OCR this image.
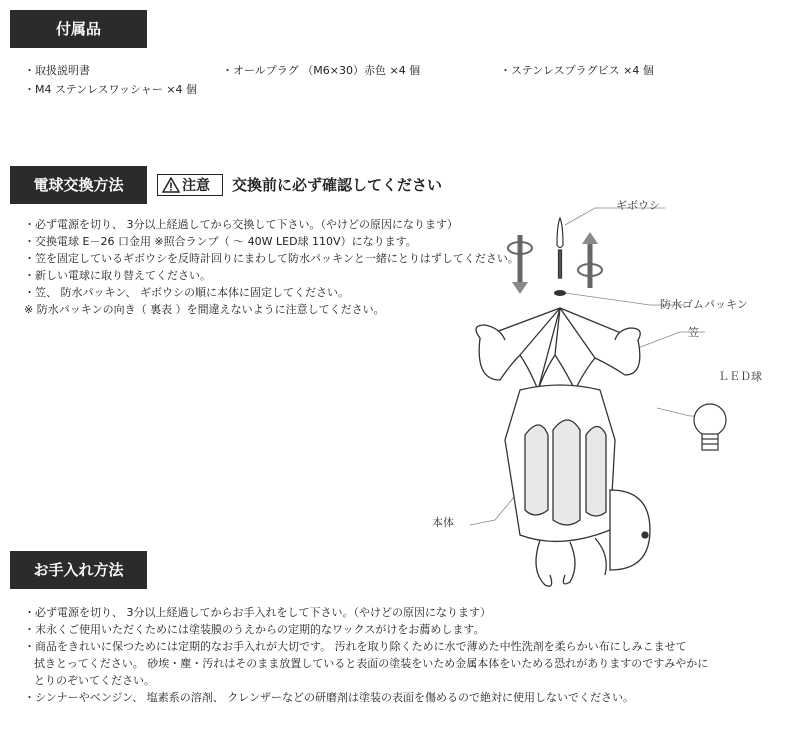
付属品
・取扱説明書	・オールプラグ （M6×30）赤色 ×4 個	・ステンレスプラグビス ×4 個
・M4 ステンレスワッシャー ×4 個
電球交換方法	注意 交換前に必ず確認してください
・必ず電源を切り、 3分以上経過してから交換して下さい。（やけどの原因になります）
・交換電球 E－26 口金用 ※照合ランプ（ ～ 40W LED球 110V）になります。
・笠を固定しているギボウシを反時計回りにまわして防水パッキンと一緒にとりはずしてください。
・新しい電球に取り替えてください。
・笠、 防水パッキン、 ギボウシの順に本体に固定してください。
※ 防水パッキンの向き（ 裏表 ）を間違えないように注意してください。
ギボウシ
防水ゴムパッキン
笠
ＬＥＤ球
本体
お手入れ方法
・必ず電源を切り、 3分以上経過してからお手入れをして下さい。（やけどの原因になります）
・末永くご使用いただくためには塗装膜のうえからの定期的なワックスがけをお薦めします。
・商品をきれいに保つためには定期的なお手入れが大切です。 汚れを取り除くために水で薄めた中性洗剤を柔らかい布にしみこませて
拭きとってください。 砂埃・塵・汚れはそのまま放置していると表面の塗装をいため金属本体をいためる恐れがありますのですみやかに
とりのぞいてください。
・シンナーやベンジン、 塩素系の溶剤、 クレンザーなどの研磨剤は塗装の表面を傷めるので絶対に使用しないでください。
